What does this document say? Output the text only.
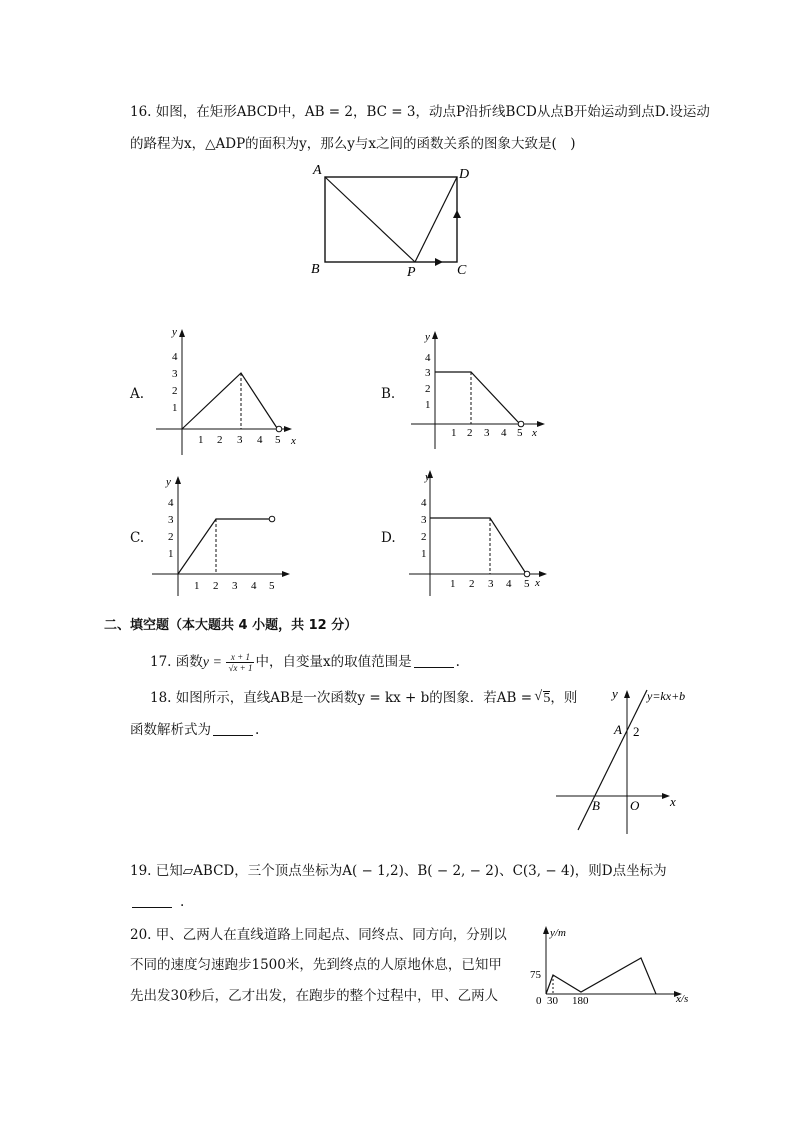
16. 如图，在矩形ABCD中，AB = 2，BC = 3，动点P沿折线BCD从点B开始运动到点D.设运动
的路程为x，△ADP的面积为y，那么y与x之间的函数关系的图象大致是(　)
A	D
B	P	C
A.
y
x
1
2
3
4
1 2 3 4 5
B.
y
x
1
2
3
4
1 2 3 4 5
C.
y
1
2
3
4
1 2 3 4 5
D.
y
x
1
2
3
4
1 2 3 4 5
二、填空题（本大题共 4 小题，共 12 分）
17. 函数$y = \frac{x + 1}{√x + 1}$ 中，自变量x的取值范围是	.
18. 如图所示，直线AB是一次函数y = kx + b的图象．若AB = √ 5，则
函数解析式为	.
y y=kx+b
A 2
B O x
19. 已知▱ABCD，三个顶点坐标为A( − 1,2)、B( − 2, − 2)、C(3, − 4)，则D点坐标为
.
20. 甲、乙两人在直线道路上同起点、同终点、同方向，分别以
不同的速度匀速跑步1500米，先到终点的人原地休息，已知甲
先出发30秒后，乙才出发，在跑步的整个过程中，甲、乙两人
y/m
x/s
75
0 30 180
